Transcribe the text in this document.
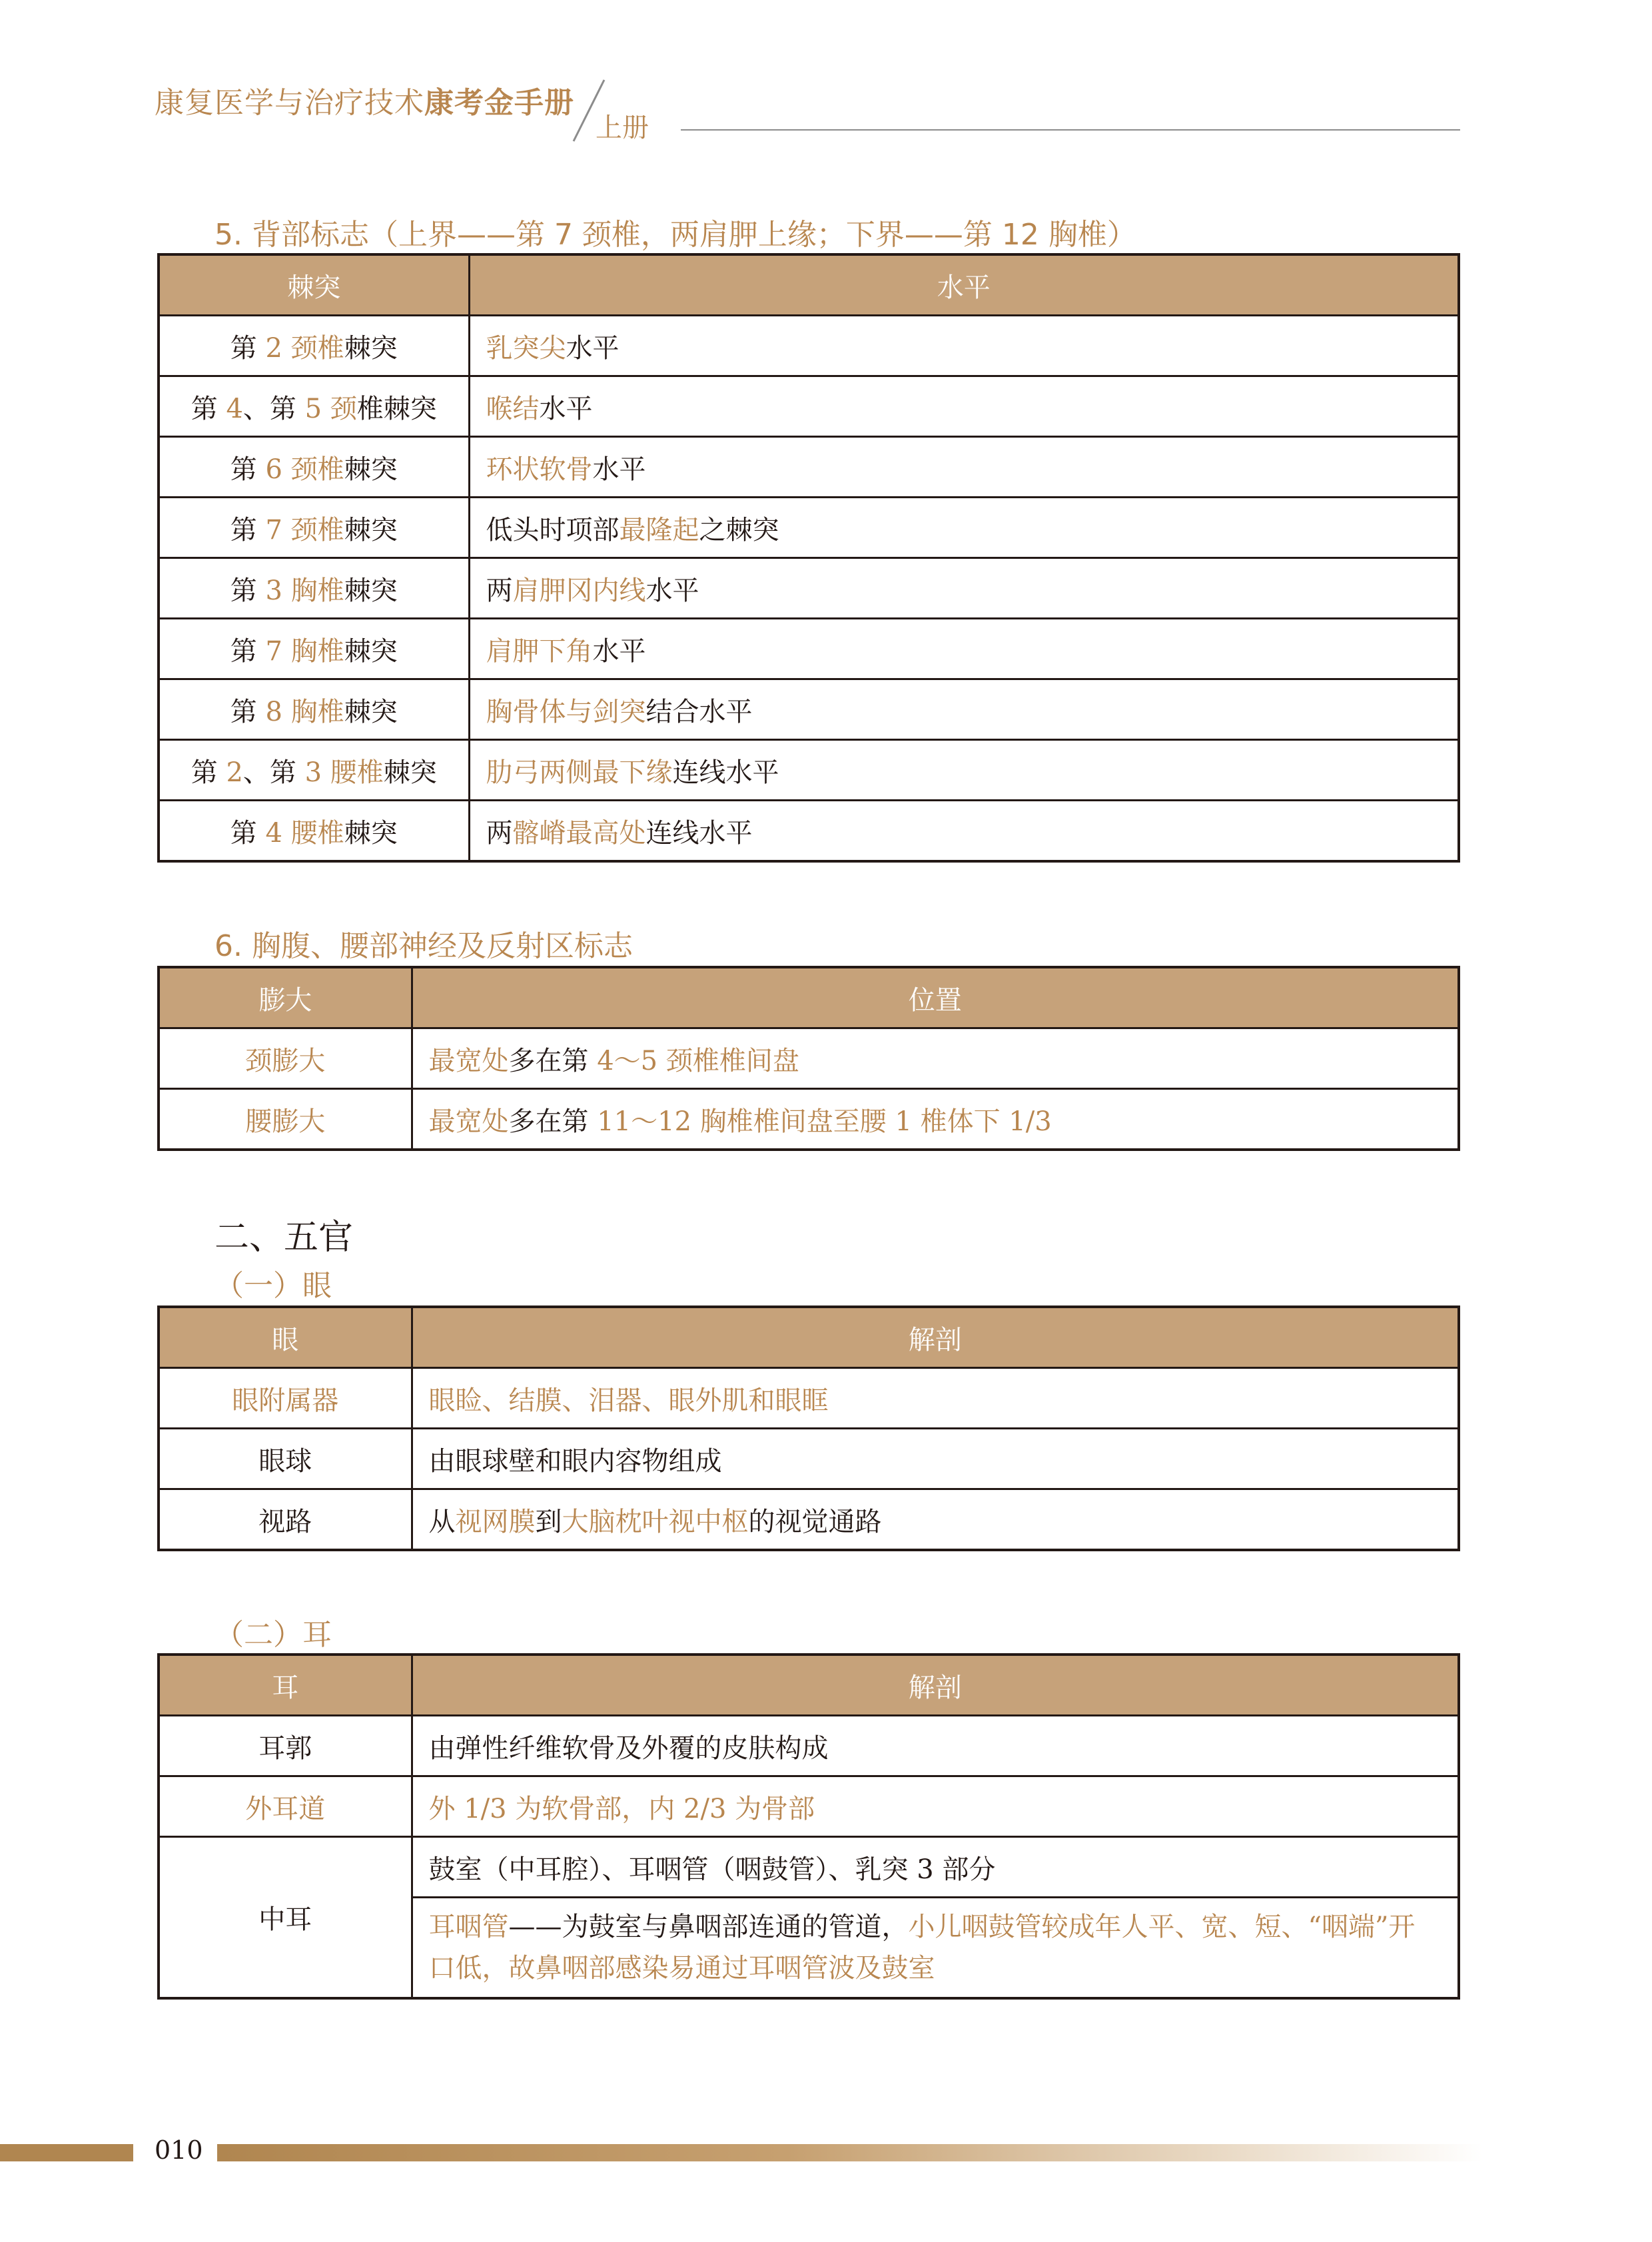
康复医学与治疗技术康考金手册
上册
5. 背部标志（上界——第 7 颈椎，两肩胛上缘；下界——第 12 胸椎）
棘突	水平
第 2 颈椎棘突	乳突尖水平
第 4、第 5 颈椎棘突	喉结水平
第 6 颈椎棘突	环状软骨水平
第 7 颈椎棘突	低头时项部最隆起之棘突
第 3 胸椎棘突	两肩胛冈内线水平
第 7 胸椎棘突	肩胛下角水平
第 8 胸椎棘突	胸骨体与剑突结合水平
第 2、第 3 腰椎棘突	肋弓两侧最下缘连线水平
第 4 腰椎棘突	两髂嵴最高处连线水平
6. 胸腹、腰部神经及反射区标志
膨大	位置
颈膨大	最宽处多在第 4～5 颈椎椎间盘
腰膨大	最宽处多在第 11～12 胸椎椎间盘至腰 1 椎体下 1/3
二、五官
（一）眼
眼	解剖
眼附属器	眼睑、结膜、泪器、眼外肌和眼眶
眼球	由眼球壁和眼内容物组成
视路	从视网膜到大脑枕叶视中枢的视觉通路
（二）耳
耳	解剖
耳郭	由弹性纤维软骨及外覆的皮肤构成
外耳道	外 1/3 为软骨部，内 2/3 为骨部
中耳	鼓室（中耳腔）、耳咽管（咽鼓管）、乳突 3 部分
	耳咽管——为鼓室与鼻咽部连通的管道，小儿咽鼓管较成年人平、宽、短、“咽端”开口低，故鼻咽部感染易通过耳咽管波及鼓室
010
